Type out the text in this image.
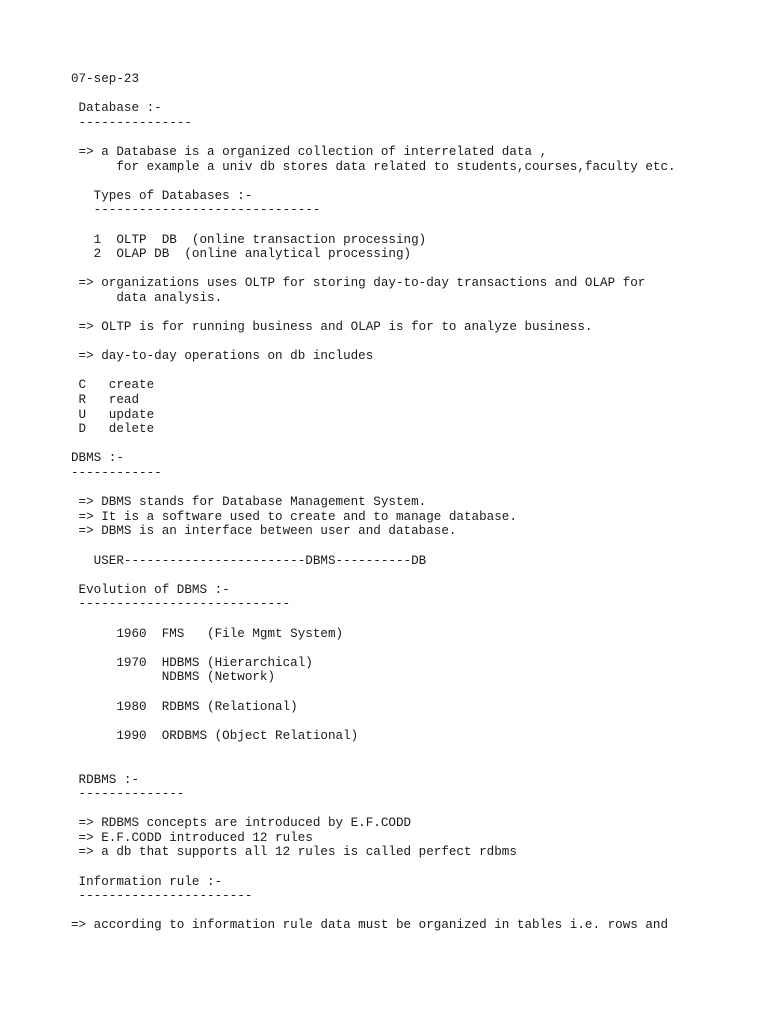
07-sep-23
Database :-
---------------
=> a Database is a organized collection of interrelated data ,
for example a univ db stores data related to students,courses,faculty etc.
Types of Databases :-
------------------------------
1  OLTP  DB  (online transaction processing)
2  OLAP DB  (online analytical processing)
=> organizations uses OLTP for storing day-to-day transactions and OLAP for
data analysis.
=> OLTP is for running business and OLAP is for to analyze business.
=> day-to-day operations on db includes
C   create
R   read
U   update
D   delete
DBMS :-
------------
=> DBMS stands for Database Management System.
=> It is a software used to create and to manage database.
=> DBMS is an interface between user and database.
USER------------------------DBMS----------DB
Evolution of DBMS :-
----------------------------
1960  FMS   (File Mgmt System)
1970  HDBMS (Hierarchical)
NDBMS (Network)
1980  RDBMS (Relational)
1990  ORDBMS (Object Relational)
RDBMS :-
--------------
=> RDBMS concepts are introduced by E.F.CODD
=> E.F.CODD introduced 12 rules
=> a db that supports all 12 rules is called perfect rdbms
Information rule :-
-----------------------
=> according to information rule data must be organized in tables i.e. rows and
